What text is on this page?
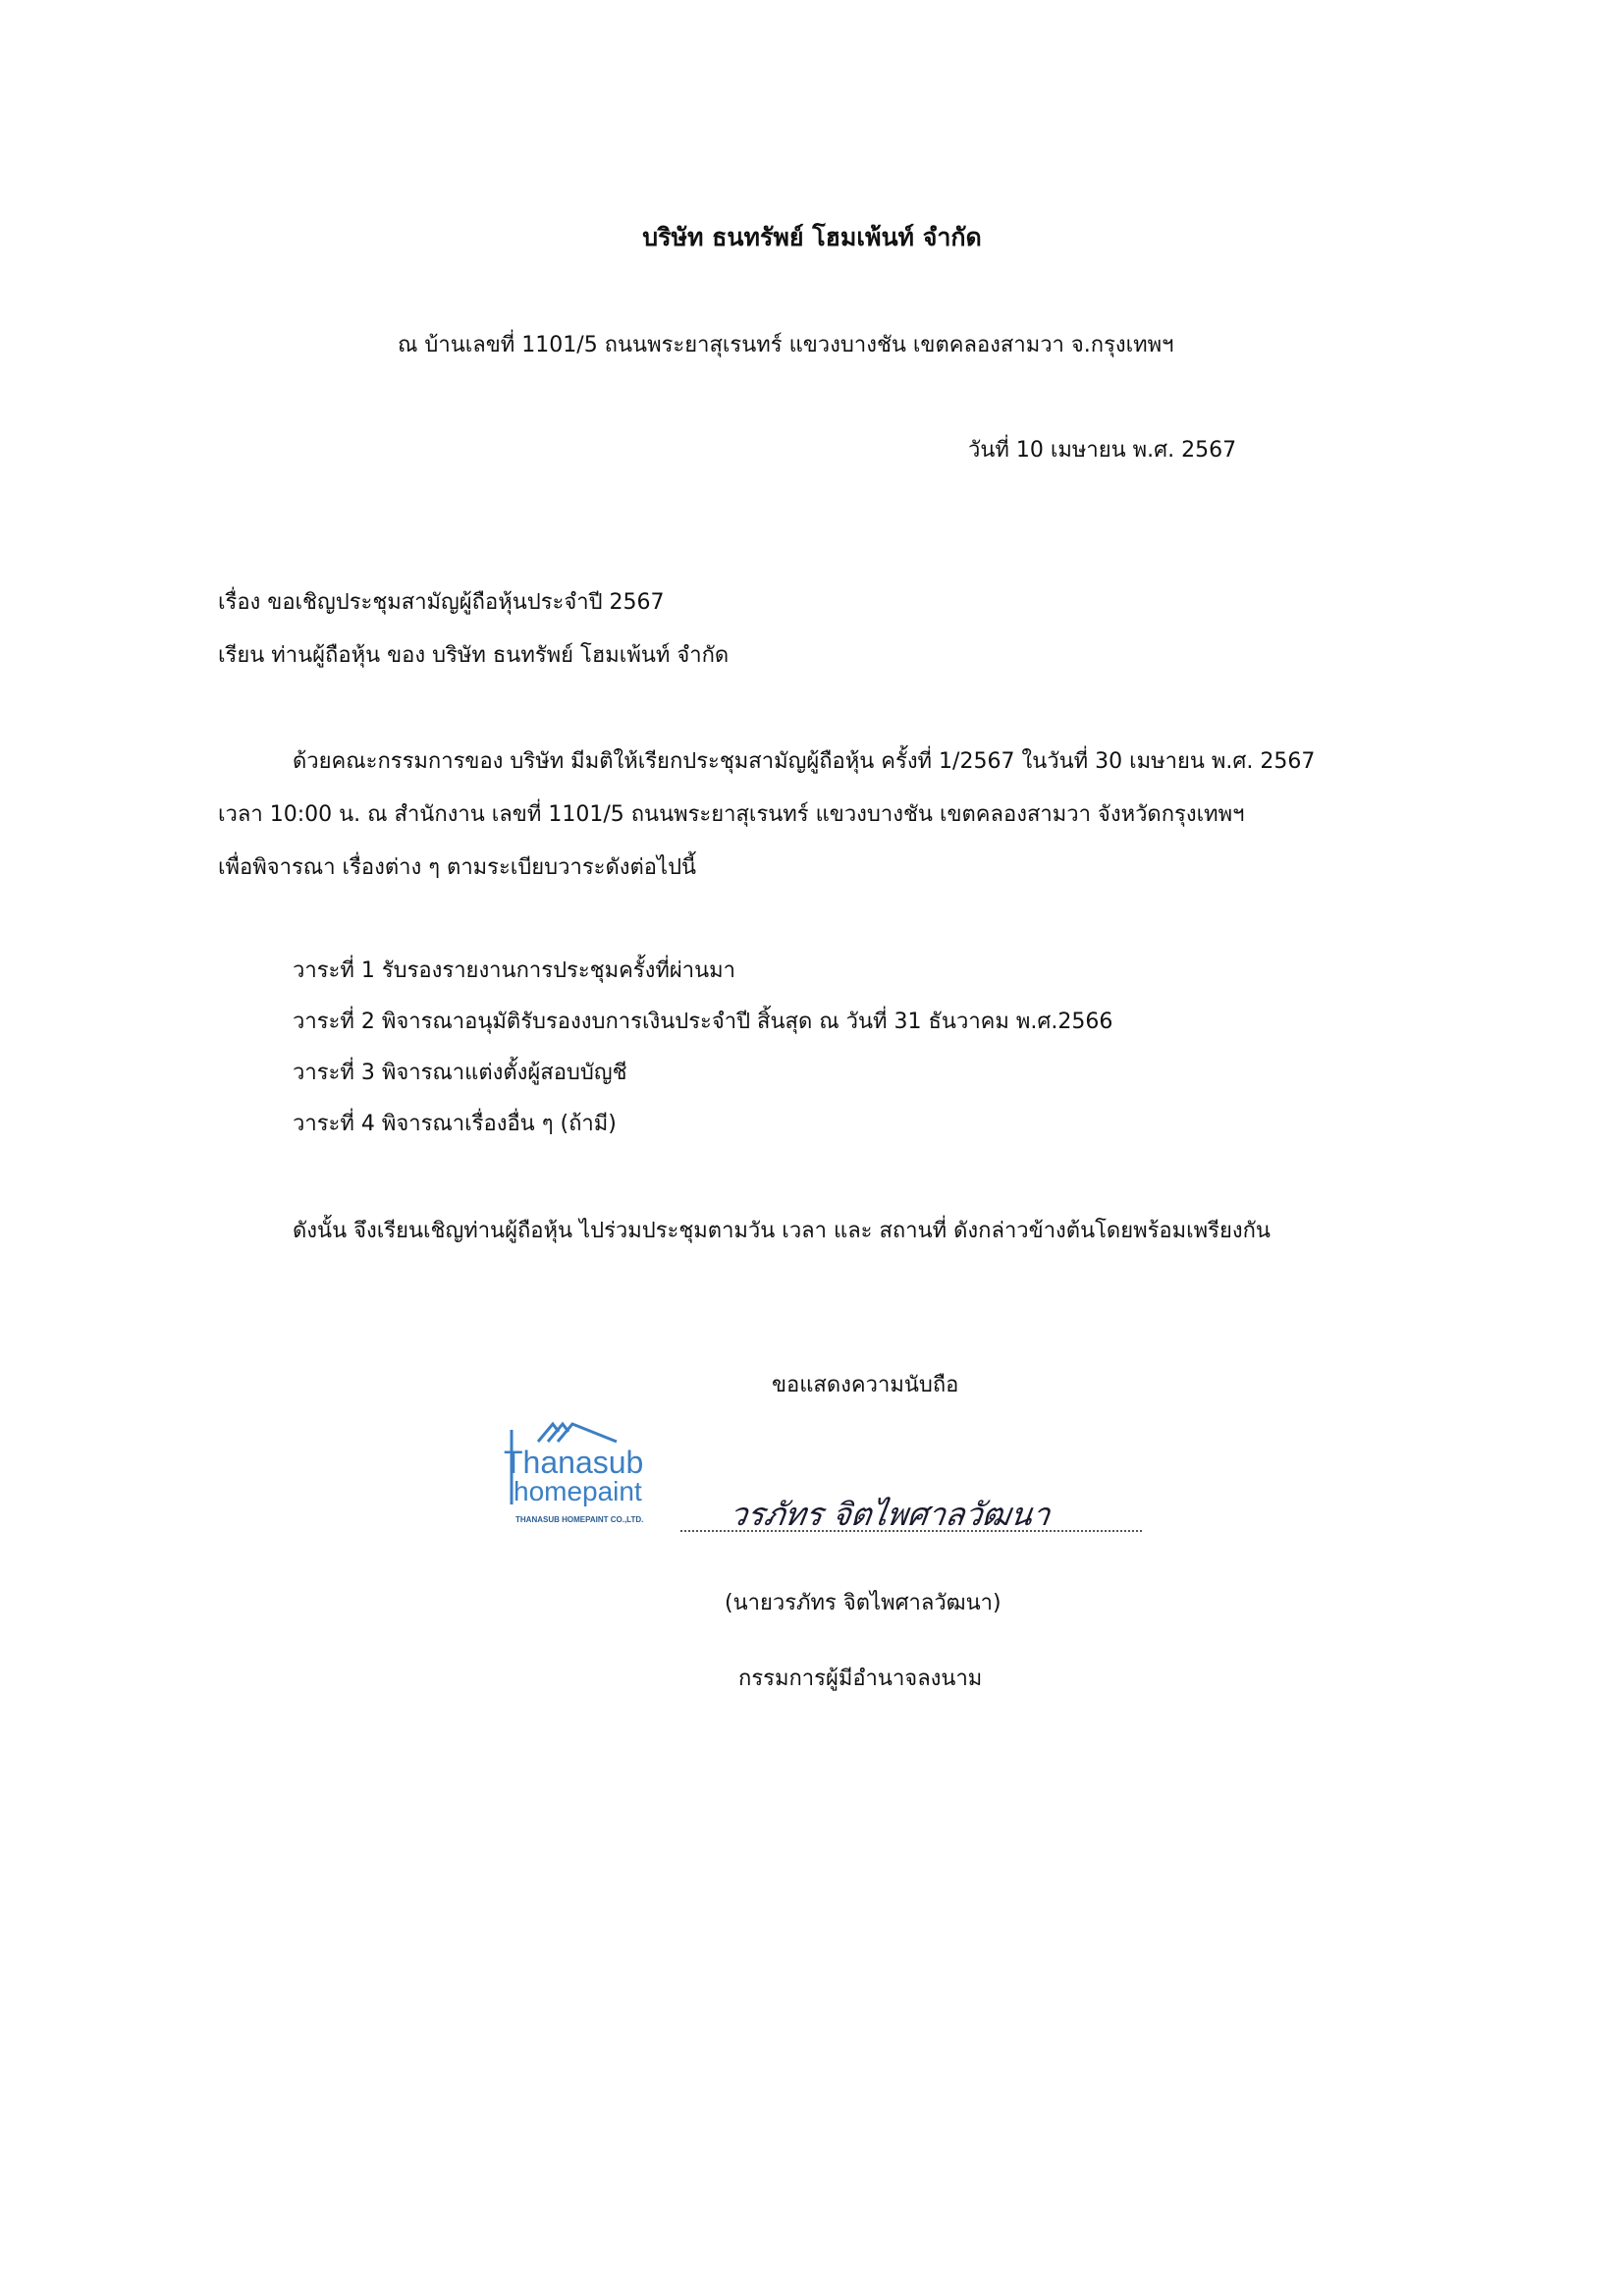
บริษัท ธนทรัพย์ โฮมเพ้นท์ จำกัด
ณ บ้านเลขที่ 1101/5 ถนนพระยาสุเรนทร์ แขวงบางชัน เขตคลองสามวา จ.กรุงเทพฯ
วันที่ 10 เมษายน พ.ศ. 2567
เรื่อง ขอเชิญประชุมสามัญผู้ถือหุ้นประจำปี 2567
เรียน ท่านผู้ถือหุ้น ของ บริษัท ธนทรัพย์ โฮมเพ้นท์ จำกัด
ด้วยคณะกรรมการของ บริษัท มีมติให้เรียกประชุมสามัญผู้ถือหุ้น ครั้งที่ 1/2567 ในวันที่ 30 เมษายน พ.ศ. 2567
เวลา 10:00 น. ณ สำนักงาน เลขที่ 1101/5 ถนนพระยาสุเรนทร์ แขวงบางชัน เขตคลองสามวา จังหวัดกรุงเทพฯ
เพื่อพิจารณา เรื่องต่าง ๆ ตามระเบียบวาระดังต่อไปนี้
วาระที่ 1 รับรองรายงานการประชุมครั้งที่ผ่านมา
วาระที่ 2 พิจารณาอนุมัติรับรองงบการเงินประจำปี สิ้นสุด ณ วันที่ 31 ธันวาคม พ.ศ.2566
วาระที่ 3 พิจารณาแต่งตั้งผู้สอบบัญชี
วาระที่ 4 พิจารณาเรื่องอื่น ๆ (ถ้ามี)
ดังนั้น จึงเรียนเชิญท่านผู้ถือหุ้น ไปร่วมประชุมตามวัน เวลา และ สถานที่ ดังกล่าวข้างต้นโดยพร้อมเพรียงกัน
ขอแสดงความนับถือ
Thanasub
homepaint
THANASUB HOMEPAINT CO.,LTD.	วรภัทร จิตไพศาลวัฒนา
(นายวรภัทร จิตไพศาลวัฒนา)
กรรมการผู้มีอำนาจลงนาม
